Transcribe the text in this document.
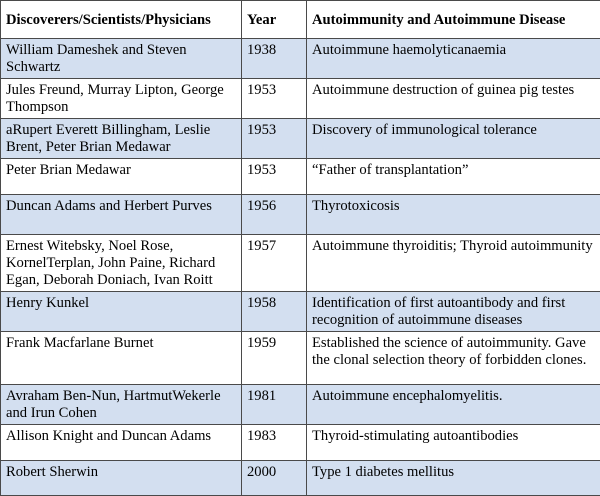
Discoverers/Scientists/Physicians	Year	Autoimmunity and Autoimmune Disease
William Dameshek and Steven Schwartz	1938	Autoimmune haemolyticanaemia
Jules Freund, Murray Lipton, George Thompson	1953	Autoimmune destruction of guinea pig testes
aRupert Everett Billingham, Leslie Brent, Peter Brian Medawar	1953	Discovery of immunological tolerance
Peter Brian Medawar	1953	“Father of transplantation”
Duncan Adams and Herbert Purves	1956	Thyrotoxicosis
Ernest Witebsky, Noel Rose, KornelTerplan, John Paine, Richard Egan, Deborah Doniach, Ivan Roitt	1957	Autoimmune thyroiditis; Thyroid autoimmunity
Henry Kunkel	1958	Identification of first autoantibody and first recognition of autoimmune diseases
Frank Macfarlane Burnet	1959	Established the science of autoimmunity. Gave the clonal selection theory of forbidden clones.
Avraham Ben-Nun, HartmutWekerle and Irun Cohen	1981	Autoimmune encephalomyelitis.
Allison Knight and Duncan Adams	1983	Thyroid-stimulating autoantibodies
Robert Sherwin	2000	Type 1 diabetes mellitus
